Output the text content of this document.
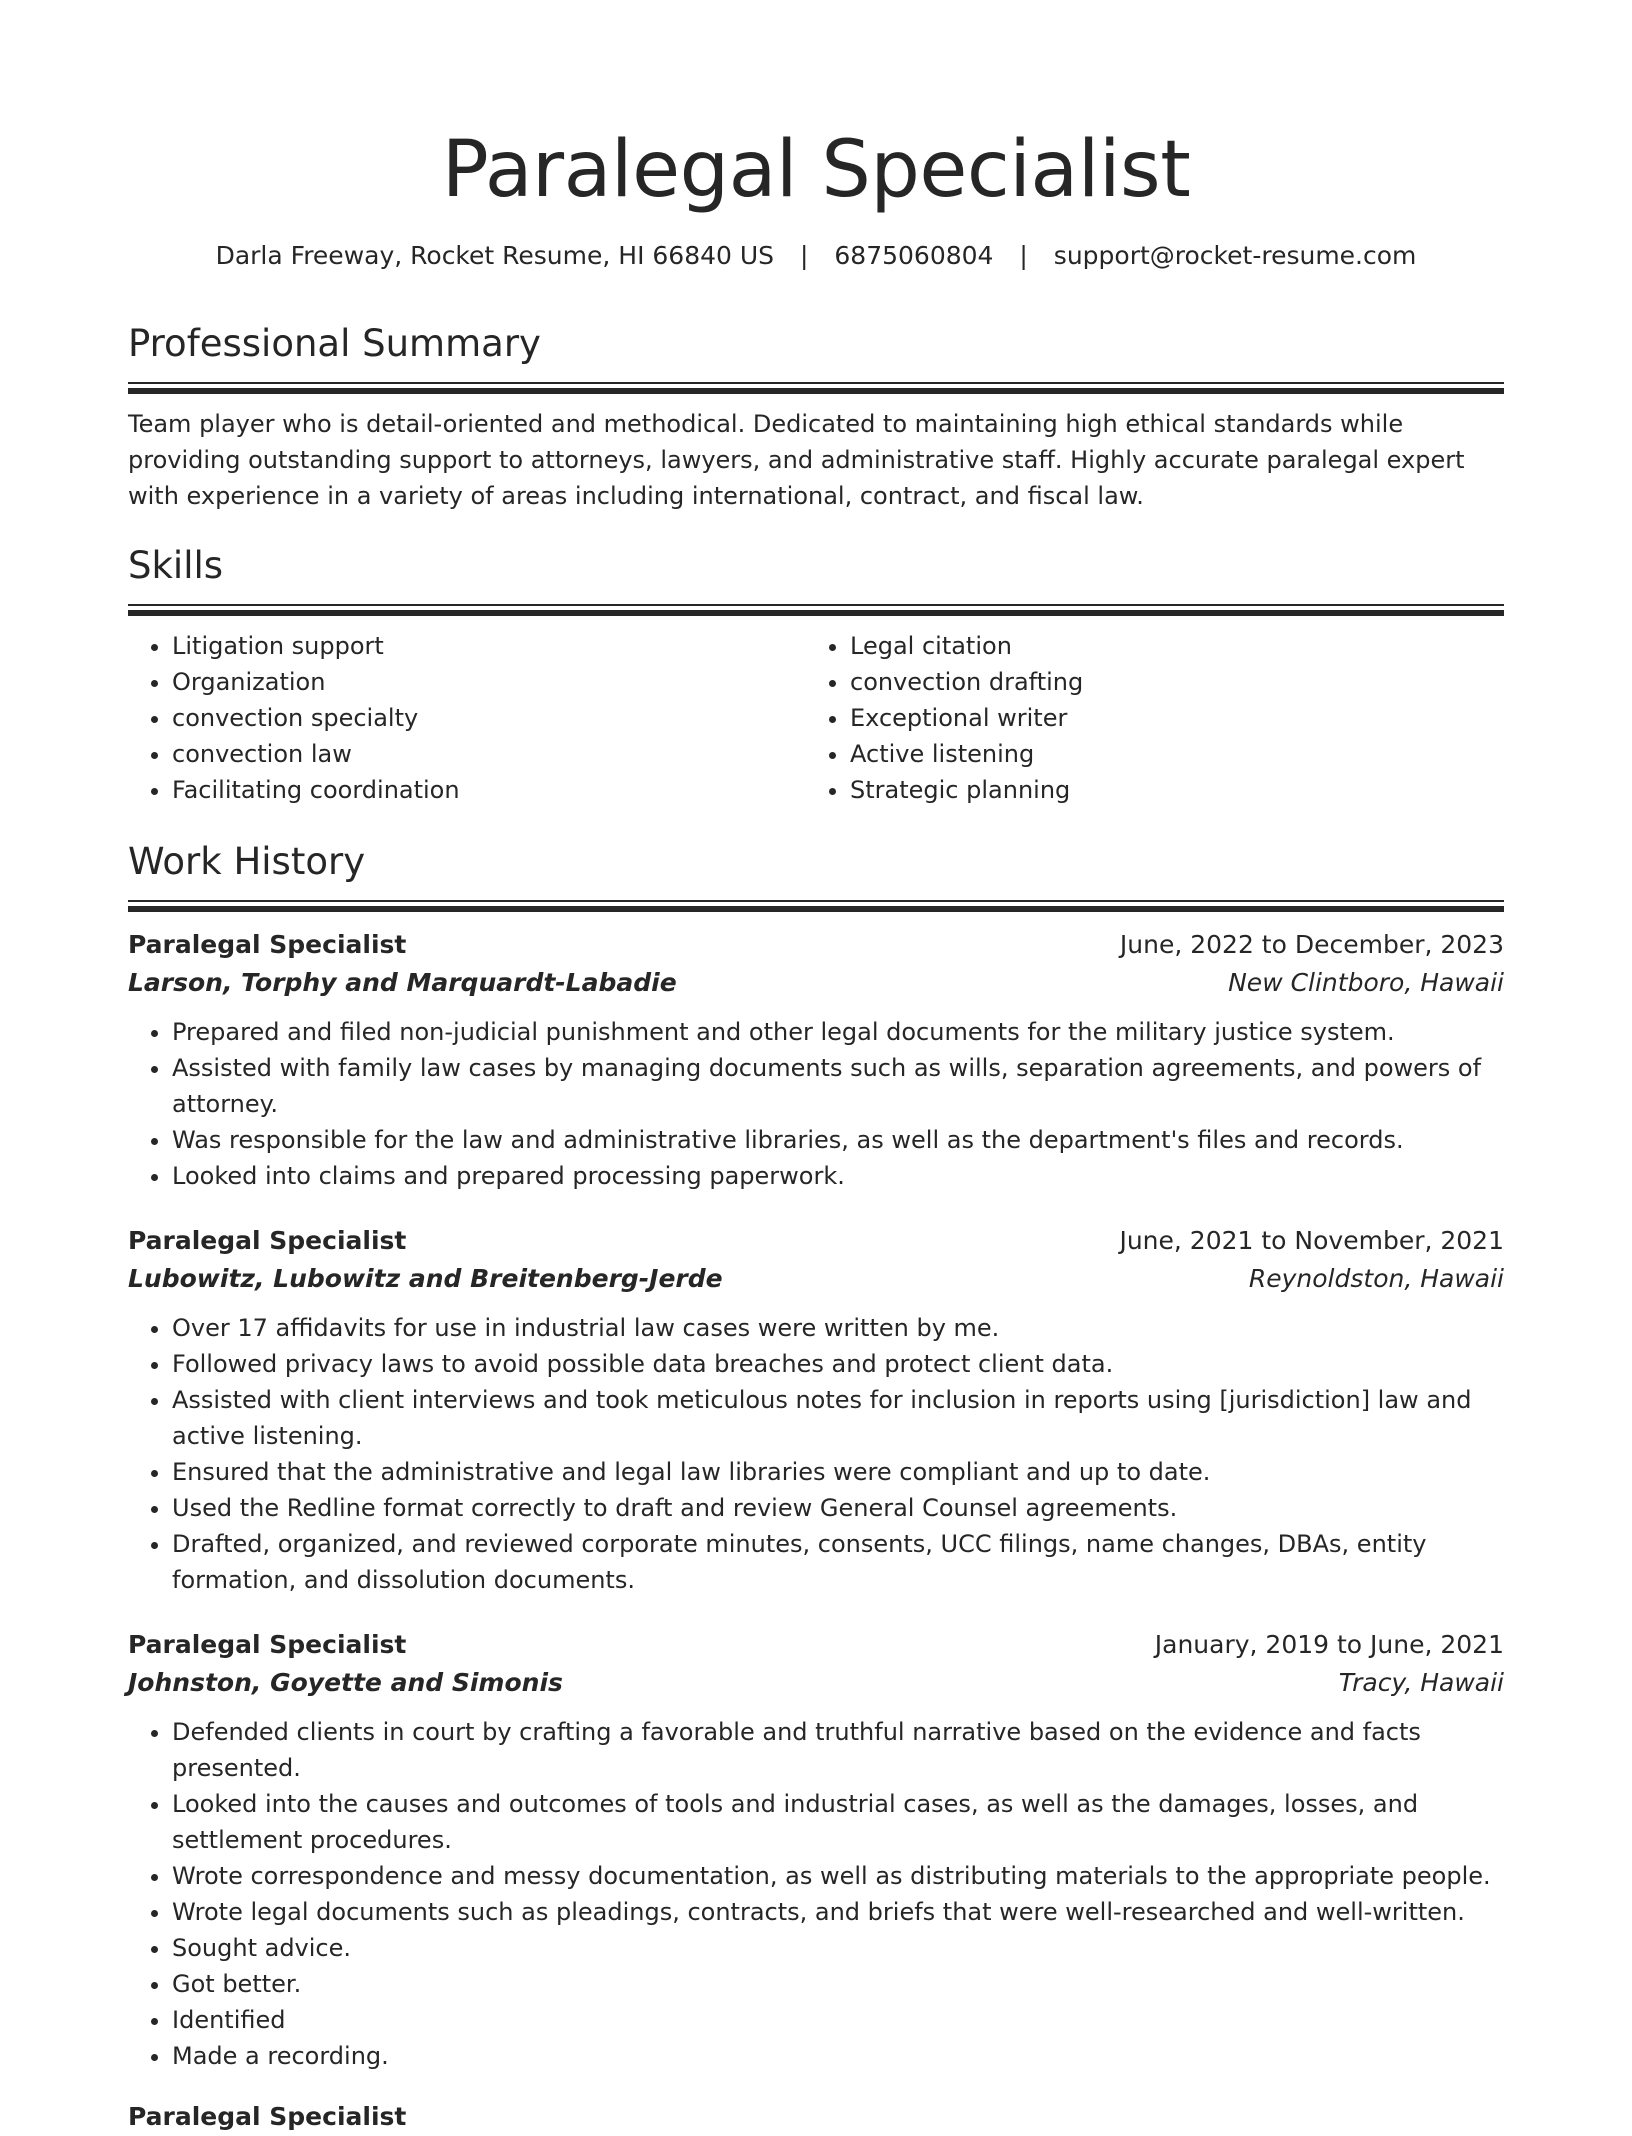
Paralegal Specialist
Darla Freeway, Rocket Resume, HI 66840 US | 6875060804 | support@rocket-resume.com
Professional Summary

Team player who is detail-oriented and methodical. Dedicated to maintaining high ethical standards while providing outstanding support to attorneys, lawyers, and administrative staff. Highly accurate paralegal expert with experience in a variety of areas including international, contract, and fiscal law.

Skills
• Litigation support
• Organization
• convection specialty
• convection law
• Facilitating coordination
• Legal citation
• convection drafting
• Exceptional writer
• Active listening
• Strategic planning
Work History
Paralegal Specialist	June, 2022 to December, 2023
Larson, Torphy and Marquardt-Labadie	New Clintboro, Hawaii
• Prepared and filed non-judicial punishment and other legal documents for the military justice system.
• Assisted with family law cases by managing documents such as wills, separation agreements, and powers of attorney.
• Was responsible for the law and administrative libraries, as well as the department's files and records.
• Looked into claims and prepared processing paperwork.
Paralegal Specialist	June, 2021 to November, 2021
Lubowitz, Lubowitz and Breitenberg-Jerde	Reynoldston, Hawaii
• Over 17 affidavits for use in industrial law cases were written by me.
• Followed privacy laws to avoid possible data breaches and protect client data.
• Assisted with client interviews and took meticulous notes for inclusion in reports using [jurisdiction] law and active listening.
• Ensured that the administrative and legal law libraries were compliant and up to date.
• Used the Redline format correctly to draft and review General Counsel agreements.
• Drafted, organized, and reviewed corporate minutes, consents, UCC filings, name changes, DBAs, entity formation, and dissolution documents.
Paralegal Specialist	January, 2019 to June, 2021
Johnston, Goyette and Simonis	Tracy, Hawaii
• Defended clients in court by crafting a favorable and truthful narrative based on the evidence and facts presented.
• Looked into the causes and outcomes of tools and industrial cases, as well as the damages, losses, and settlement procedures.
• Wrote correspondence and messy documentation, as well as distributing materials to the appropriate people.
• Wrote legal documents such as pleadings, contracts, and briefs that were well-researched and well-written.
• Sought advice.
• Got better.
• Identified
• Made a recording.
Paralegal Specialist
